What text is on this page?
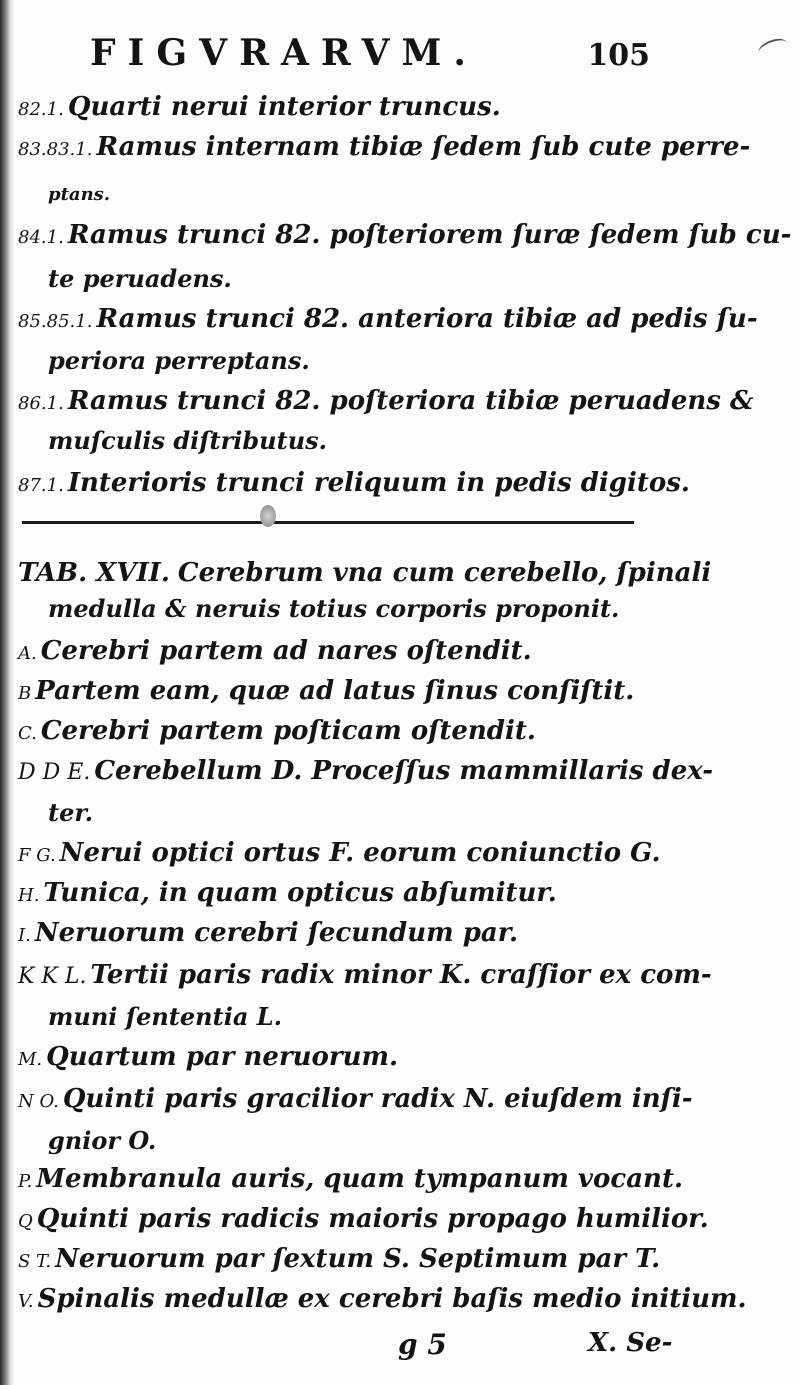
FIGVRARVM.	105
82.1. Quarti nerui interior truncus.
83.83.1. Ramus internam tibiæ ſedem ſub cute perre-
ptans.
84.1. Ramus trunci 82. poſteriorem ſuræ ſedem ſub cu-
te peruadens.
85.85.1. Ramus trunci 82. anteriora tibiæ ad pedis ſu-
periora perreptans.
86.1. Ramus trunci 82. poſteriora tibiæ peruadens &
muſculis diſtributus.
87.1. Interioris trunci reliquum in pedis digitos.
TAB. XVII. Cerebrum vna cum cerebello, ſpinali
medulla & neruis totius corporis proponit.
A. Cerebri partem ad nares oſtendit.
B Partem eam, quæ ad latus ſinus conſiſtit.
C. Cerebri partem poſticam oſtendit.
D D E. Cerebellum D. Proceſſus mammillaris dex-
ter.
F G. Nerui optici ortus F. eorum coniunctio G.
H. Tunica, in quam opticus abſumitur.
I. Neruorum cerebri ſecundum par.
K K L. Tertii paris radix minor K. craſſior ex com-
muni ſententia L.
M. Quartum par neruorum.
N O. Quinti paris gracilior radix N. eiuſdem inſi-
gnior O.
P. Membranula auris, quam tympanum vocant.
Q Quinti paris radicis maioris propago humilior.
S T. Neruorum par ſextum S. Septimum par T.
V. Spinalis medullæ ex cerebri baſis medio initium.
g 5	X. Se-
